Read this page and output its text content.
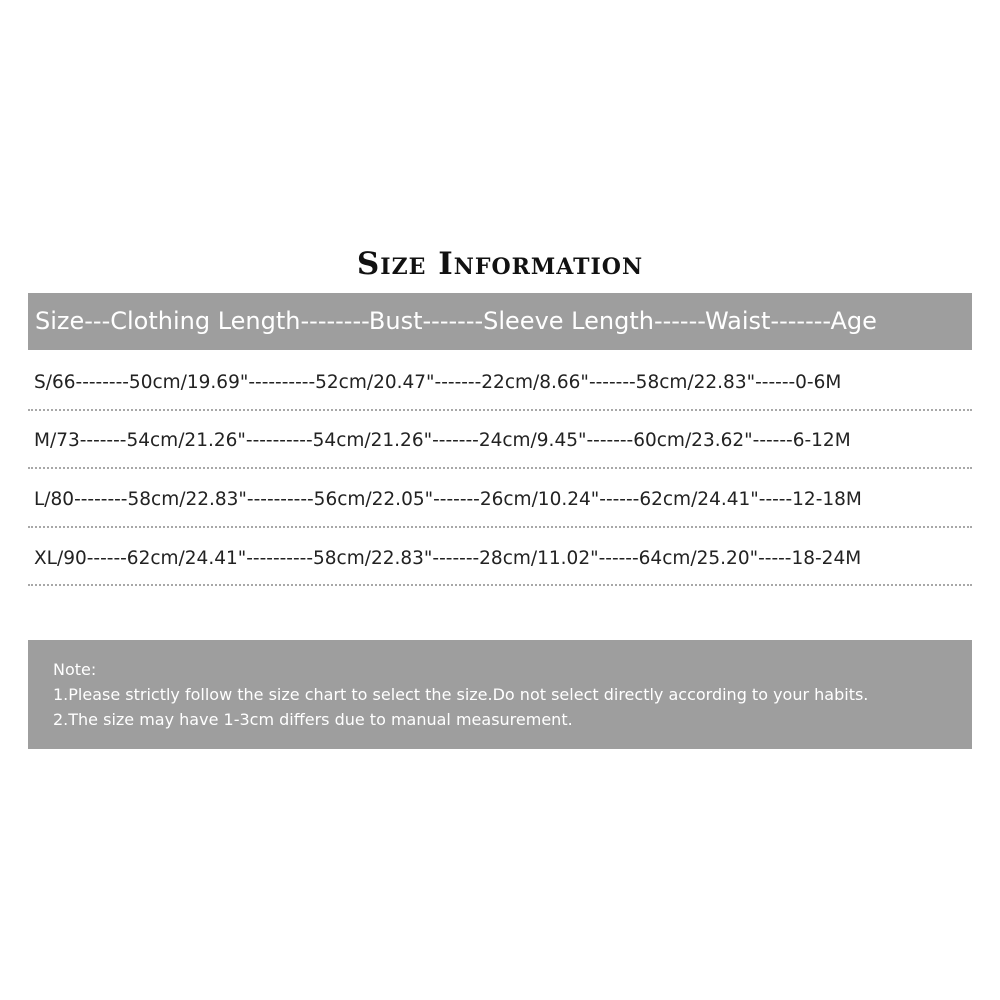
Size Information
Size---Clothing Length--------Bust-------Sleeve Length------Waist-------Age
S/66--------50cm/19.69"----------52cm/20.47"-------22cm/8.66"-------58cm/22.83"------0-6M
M/73-------54cm/21.26"----------54cm/21.26"-------24cm/9.45"-------60cm/23.62"------6-12M
L/80--------58cm/22.83"----------56cm/22.05"-------26cm/10.24"------62cm/24.41"-----12-18M
XL/90------62cm/24.41"----------58cm/22.83"-------28cm/11.02"------64cm/25.20"-----18-24M
Note:
1.Please strictly follow the size chart to select the size.Do not select directly according to your habits.
2.The size may have 1-3cm differs due to manual measurement.
